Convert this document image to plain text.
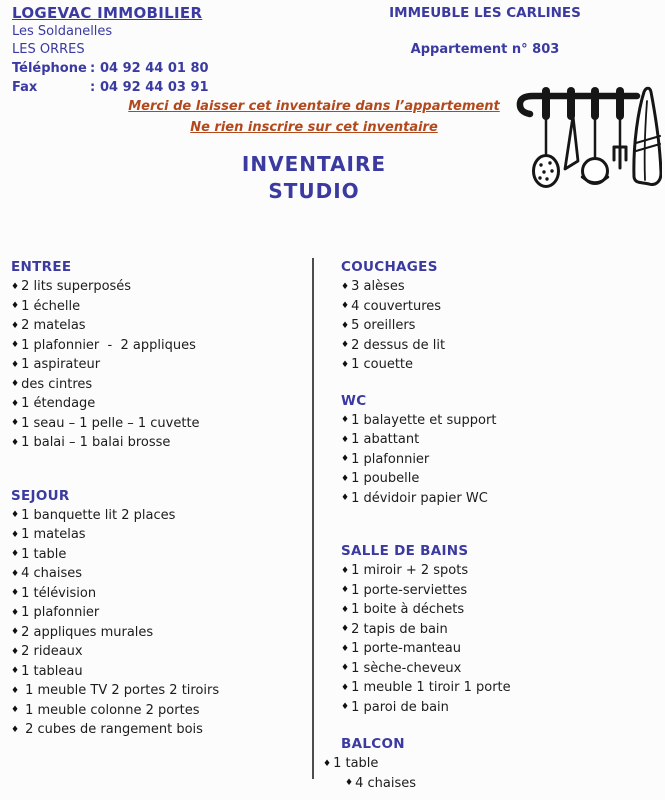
LOGEVAC IMMOBILIER
Les Soldanelles
LES ORRES
Téléphone : 04 92 44 01 80
Fax	: 04 92 44 03 91
IMMEUBLE LES CARLINES
Appartement n° 803
Merci de laisser cet inventaire dans l’appartement
Ne rien inscrire sur cet inventaire
INVENTAIRE
STUDIO
ENTREE
♦ 2 lits superposés
♦ 1 échelle
♦ 2 matelas
♦ 1 plafonnier  -  2 appliques
♦ 1 aspirateur
♦ des cintres
♦ 1 étendage
♦ 1 seau – 1 pelle – 1 cuvette
♦ 1 balai – 1 balai brosse
SEJOUR
♦ 1 banquette lit 2 places
♦ 1 matelas
♦ 1 table
♦ 4 chaises
♦ 1 télévision
♦ 1 plafonnier
♦ 2 appliques murales
♦ 2 rideaux
♦ 1 tableau
♦ 1 meuble TV 2 portes 2 tiroirs
♦ 1 meuble colonne 2 portes
♦ 2 cubes de rangement bois
COUCHAGES
♦ 3 alèses
♦ 4 couvertures
♦ 5 oreillers
♦ 2 dessus de lit
♦ 1 couette
WC
♦ 1 balayette et support
♦ 1 abattant
♦ 1 plafonnier
♦ 1 poubelle
♦ 1 dévidoir papier WC
SALLE DE BAINS
♦ 1 miroir + 2 spots
♦ 1 porte-serviettes
♦ 1 boite à déchets
♦ 2 tapis de bain
♦ 1 porte-manteau
♦ 1 sèche-cheveux
♦ 1 meuble 1 tiroir 1 porte
♦ 1 paroi de bain
BALCON
♦ 1 table
♦ 4 chaises
